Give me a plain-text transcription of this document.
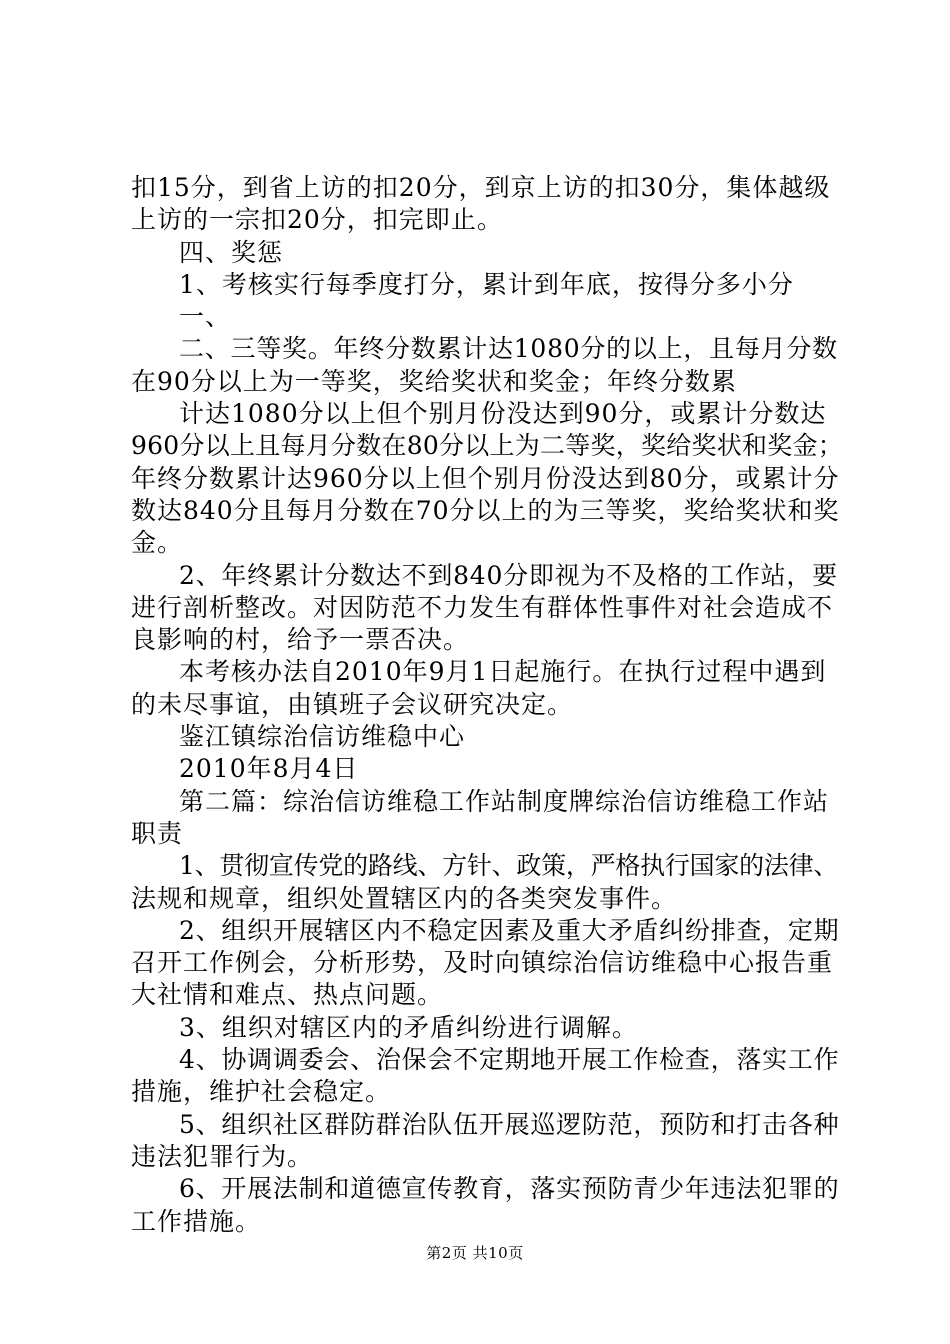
扣15分，到省上访的扣20分，到京上访的扣30分，集体越级
上访的一宗扣20分，扣完即止。
四、奖惩
1、考核实行每季度打分，累计到年底，按得分多小分
一、
二、三等奖。年终分数累计达1080分的以上，且每月分数
在90分以上为一等奖，奖给奖状和奖金；年终分数累
计达1080分以上但个别月份没达到90分，或累计分数达
960分以上且每月分数在80分以上为二等奖，奖给奖状和奖金；
年终分数累计达960分以上但个别月份没达到80分，或累计分
数达840分且每月分数在70分以上的为三等奖，奖给奖状和奖
金。
2、年终累计分数达不到840分即视为不及格的工作站，要
进行剖析整改。对因防范不力发生有群体性事件对社会造成不
良影响的村，给予一票否决。
本考核办法自2010年9月1日起施行。在执行过程中遇到
的未尽事谊，由镇班子会议研究决定。
鉴江镇综治信访维稳中心
2010年8月4日
第二篇：综治信访维稳工作站制度牌综治信访维稳工作站
职责
1、贯彻宣传党的路线、方针、政策，严格执行国家的法律、
法规和规章，组织处置辖区内的各类突发事件。
2、组织开展辖区内不稳定因素及重大矛盾纠纷排查，定期
召开工作例会，分析形势，及时向镇综治信访维稳中心报告重
大社情和难点、热点问题。
3、组织对辖区内的矛盾纠纷进行调解。
4、协调调委会、治保会不定期地开展工作检查，落实工作
措施，维护社会稳定。
5、组织社区群防群治队伍开展巡逻防范，预防和打击各种
违法犯罪行为。
6、开展法制和道德宣传教育，落实预防青少年违法犯罪的
工作措施。
第2页 共10页
